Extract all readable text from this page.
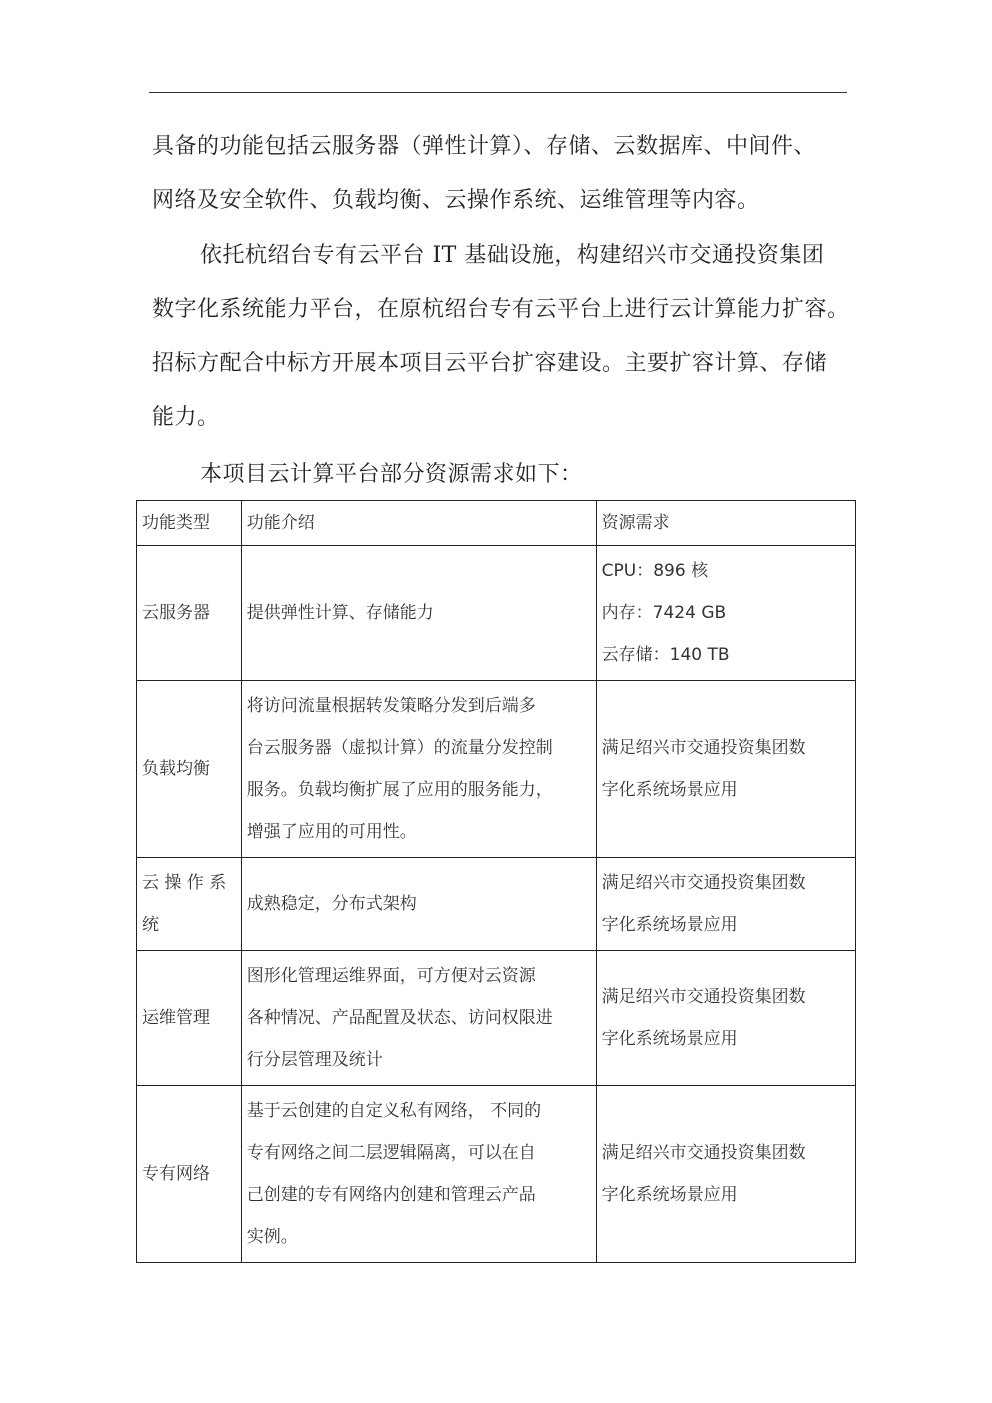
具备的功能包括云服务器（弹性计算）、存储、云数据库、中间件、
网络及安全软件、负载均衡、云操作系统、运维管理等内容。
依托杭绍台专有云平台 IT 基础设施，构建绍兴市交通投资集团
数字化系统能力平台，在原杭绍台专有云平台上进行云计算能力扩容。
招标方配合中标方开展本项目云平台扩容建设。主要扩容计算、存储
能力。
本项目云计算平台部分资源需求如下：
功能类型	功能介绍	资源需求
云服务器	提供弹性计算、存储能力	CPU：896 核
内存：7424 GB
云存储：140 TB

负载均衡	将访问流量根据转发策略分发到后端多
台云服务器（虚拟计算）的流量分发控制
服务。负载均衡扩展了应用的服务能力，
增强了应用的可用性。	满足绍兴市交通投资集团数
字化系统场景应用

云 操 作 系
统	成熟稳定，分布式架构	满足绍兴市交通投资集团数
字化系统场景应用

运维管理	图形化管理运维界面，可方便对云资源
各种情况、产品配置及状态、访问权限进
行分层管理及统计	满足绍兴市交通投资集团数
字化系统场景应用

专有网络	基于云创建的自定义私有网络， 不同的
专有网络之间二层逻辑隔离，可以在自
己创建的专有网络内创建和管理云产品
实例。	满足绍兴市交通投资集团数
字化系统场景应用
